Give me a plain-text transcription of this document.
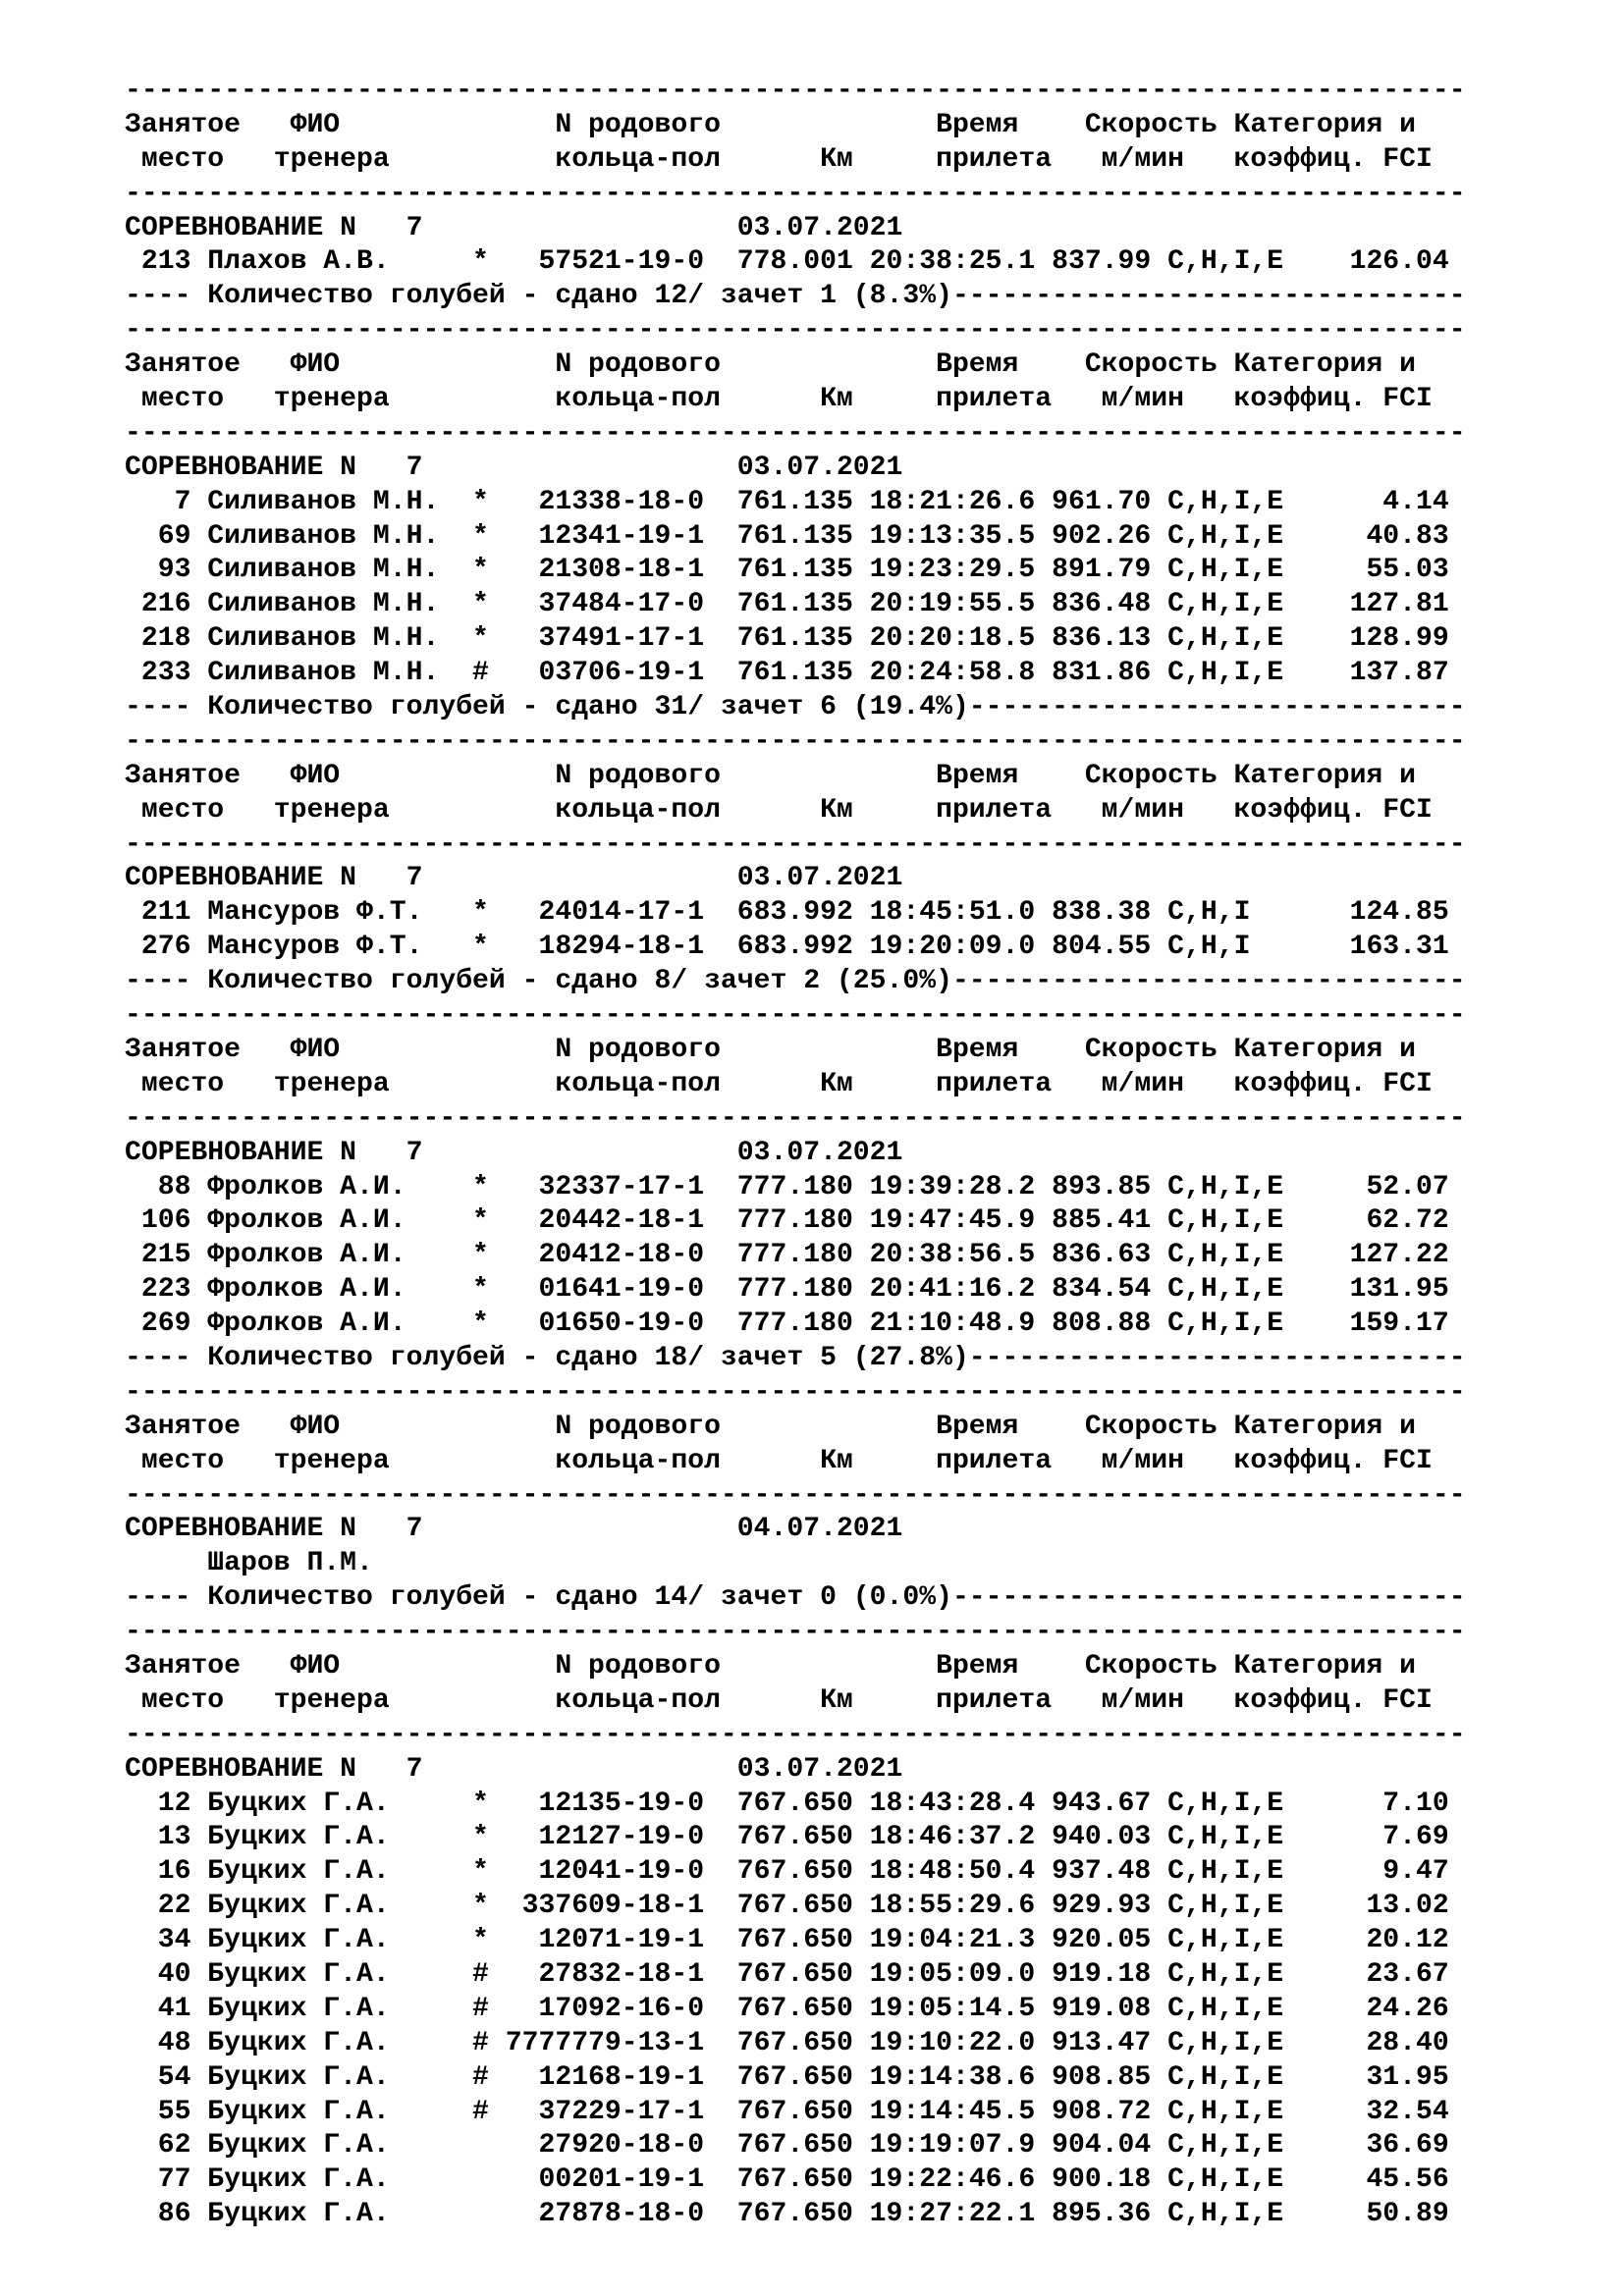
---------------------------------------------------------------------------------
Занятое   ФИО             N родового             Время    Скорость Категория и
место   тренера          кольца-пол      Км     прилета   м/мин   коэффиц. FCI
---------------------------------------------------------------------------------
СОРЕВНОВАНИЕ N   7                   03.07.2021
213 Плахов А.В.     *   57521-19-0  778.001 20:38:25.1 837.99 C,H,I,E    126.04
---- Количество голубей - сдано 12/ зачет 1 (8.3%)-------------------------------
---------------------------------------------------------------------------------
Занятое   ФИО             N родового             Время    Скорость Категория и
место   тренера          кольца-пол      Км     прилета   м/мин   коэффиц. FCI
---------------------------------------------------------------------------------
СОРЕВНОВАНИЕ N   7                   03.07.2021
7 Силиванов М.Н.  *   21338-18-0  761.135 18:21:26.6 961.70 C,H,I,E      4.14
69 Силиванов М.Н.  *   12341-19-1  761.135 19:13:35.5 902.26 C,H,I,E     40.83
93 Силиванов М.Н.  *   21308-18-1  761.135 19:23:29.5 891.79 C,H,I,E     55.03
216 Силиванов М.Н.  *   37484-17-0  761.135 20:19:55.5 836.48 C,H,I,E    127.81
218 Силиванов М.Н.  *   37491-17-1  761.135 20:20:18.5 836.13 C,H,I,E    128.99
233 Силиванов М.Н.  #   03706-19-1  761.135 20:24:58.8 831.86 C,H,I,E    137.87
---- Количество голубей - сдано 31/ зачет 6 (19.4%)------------------------------
---------------------------------------------------------------------------------
Занятое   ФИО             N родового             Время    Скорость Категория и
место   тренера          кольца-пол      Км     прилета   м/мин   коэффиц. FCI
---------------------------------------------------------------------------------
СОРЕВНОВАНИЕ N   7                   03.07.2021
211 Мансуров Ф.Т.   *   24014-17-1  683.992 18:45:51.0 838.38 C,H,I      124.85
276 Мансуров Ф.Т.   *   18294-18-1  683.992 19:20:09.0 804.55 C,H,I      163.31
---- Количество голубей - сдано 8/ зачет 2 (25.0%)-------------------------------
---------------------------------------------------------------------------------
Занятое   ФИО             N родового             Время    Скорость Категория и
место   тренера          кольца-пол      Км     прилета   м/мин   коэффиц. FCI
---------------------------------------------------------------------------------
СОРЕВНОВАНИЕ N   7                   03.07.2021
88 Фролков А.И.    *   32337-17-1  777.180 19:39:28.2 893.85 C,H,I,E     52.07
106 Фролков А.И.    *   20442-18-1  777.180 19:47:45.9 885.41 C,H,I,E     62.72
215 Фролков А.И.    *   20412-18-0  777.180 20:38:56.5 836.63 C,H,I,E    127.22
223 Фролков А.И.    *   01641-19-0  777.180 20:41:16.2 834.54 C,H,I,E    131.95
269 Фролков А.И.    *   01650-19-0  777.180 21:10:48.9 808.88 C,H,I,E    159.17
---- Количество голубей - сдано 18/ зачет 5 (27.8%)------------------------------
---------------------------------------------------------------------------------
Занятое   ФИО             N родового             Время    Скорость Категория и
место   тренера          кольца-пол      Км     прилета   м/мин   коэффиц. FCI
---------------------------------------------------------------------------------
СОРЕВНОВАНИЕ N   7                   04.07.2021
Шаров П.М.
---- Количество голубей - сдано 14/ зачет 0 (0.0%)-------------------------------
---------------------------------------------------------------------------------
Занятое   ФИО             N родового             Время    Скорость Категория и
место   тренера          кольца-пол      Км     прилета   м/мин   коэффиц. FCI
---------------------------------------------------------------------------------
СОРЕВНОВАНИЕ N   7                   03.07.2021
12 Буцких Г.А.     *   12135-19-0  767.650 18:43:28.4 943.67 C,H,I,E      7.10
13 Буцких Г.А.     *   12127-19-0  767.650 18:46:37.2 940.03 C,H,I,E      7.69
16 Буцких Г.А.     *   12041-19-0  767.650 18:48:50.4 937.48 C,H,I,E      9.47
22 Буцких Г.А.     *  337609-18-1  767.650 18:55:29.6 929.93 C,H,I,E     13.02
34 Буцких Г.А.     *   12071-19-1  767.650 19:04:21.3 920.05 C,H,I,E     20.12
40 Буцких Г.А.     #   27832-18-1  767.650 19:05:09.0 919.18 C,H,I,E     23.67
41 Буцких Г.А.     #   17092-16-0  767.650 19:05:14.5 919.08 C,H,I,E     24.26
48 Буцких Г.А.     # 7777779-13-1  767.650 19:10:22.0 913.47 C,H,I,E     28.40
54 Буцких Г.А.     #   12168-19-1  767.650 19:14:38.6 908.85 C,H,I,E     31.95
55 Буцких Г.А.     #   37229-17-1  767.650 19:14:45.5 908.72 C,H,I,E     32.54
62 Буцких Г.А.         27920-18-0  767.650 19:19:07.9 904.04 C,H,I,E     36.69
77 Буцких Г.А.         00201-19-1  767.650 19:22:46.6 900.18 C,H,I,E     45.56
86 Буцких Г.А.         27878-18-0  767.650 19:27:22.1 895.36 C,H,I,E     50.89
